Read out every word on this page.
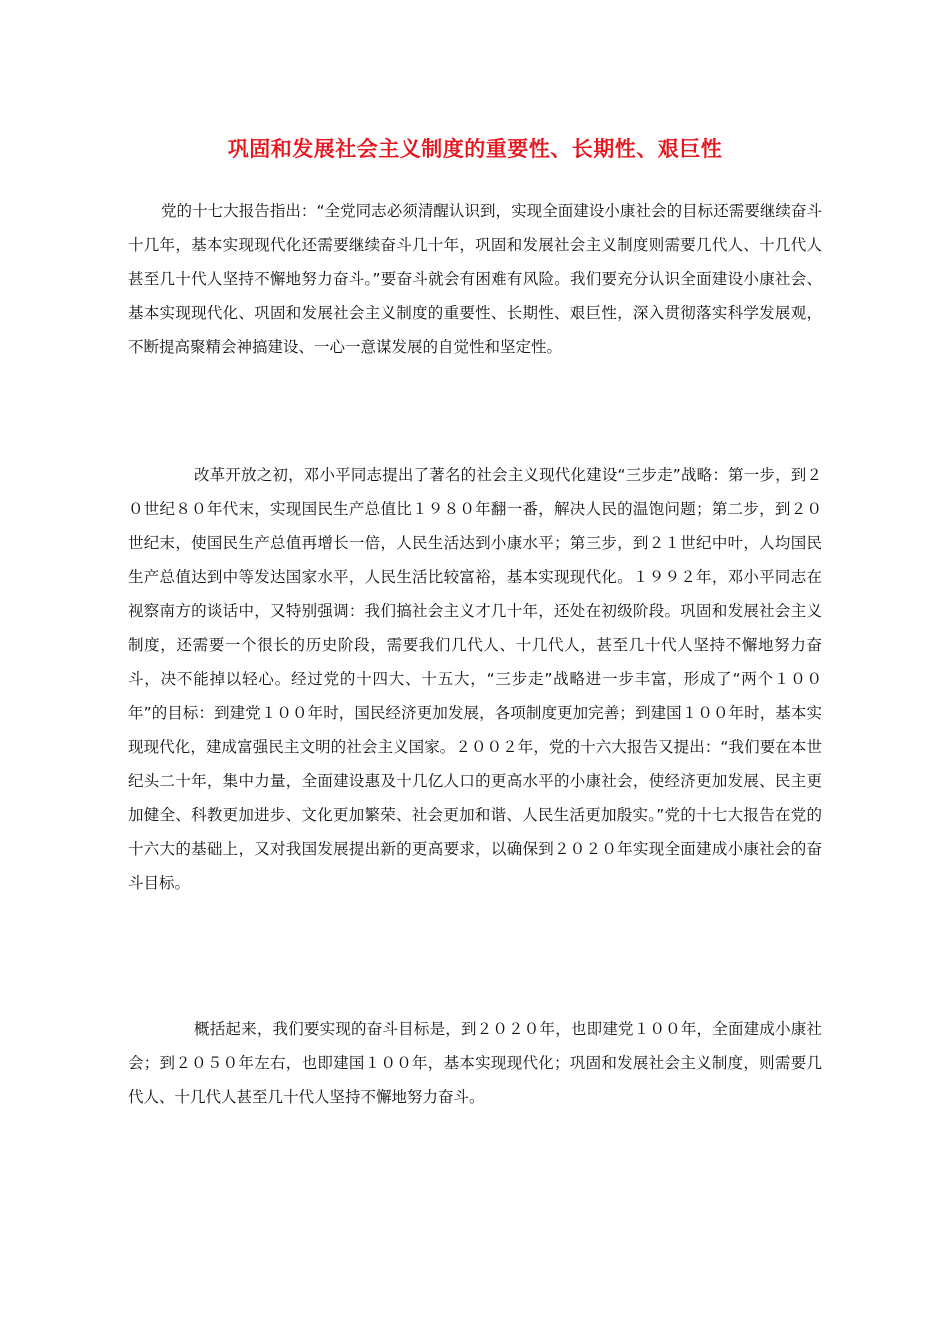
巩固和发展社会主义制度的重要性、长期性、艰巨性

党的十七大报告指出：“全党同志必须清醒认识到，实现全面建设小康社会的目标还需要继续奋斗十几年，基本实现现代化还需要继续奋斗几十年，巩固和发展社会主义制度则需要几代人、十几代人甚至几十代人坚持不懈地努力奋斗。”要奋斗就会有困难有风险。我们要充分认识全面建设小康社会、基本实现现代化、巩固和发展社会主义制度的重要性、长期性、艰巨性，深入贯彻落实科学发展观，不断提高聚精会神搞建设、一心一意谋发展的自觉性和坚定性。

改革开放之初，邓小平同志提出了著名的社会主义现代化建设“三步走”战略：第一步，到２０世纪８０年代末，实现国民生产总值比１９８０年翻一番，解决人民的温饱问题；第二步，到２０世纪末，使国民生产总值再增长一倍，人民生活达到小康水平；第三步，到２１世纪中叶，人均国民生产总值达到中等发达国家水平，人民生活比较富裕，基本实现现代化。１９９２年，邓小平同志在视察南方的谈话中，又特别强调：我们搞社会主义才几十年，还处在初级阶段。巩固和发展社会主义制度，还需要一个很长的历史阶段，需要我们几代人、十几代人，甚至几十代人坚持不懈地努力奋斗，决不能掉以轻心。经过党的十四大、十五大，“三步走”战略进一步丰富，形成了“两个１００年”的目标：到建党１００年时，国民经济更加发展，各项制度更加完善；到建国１００年时，基本实现现代化，建成富强民主文明的社会主义国家。２００２年，党的十六大报告又提出：“我们要在本世纪头二十年，集中力量，全面建设惠及十几亿人口的更高水平的小康社会，使经济更加发展、民主更加健全、科教更加进步、文化更加繁荣、社会更加和谐、人民生活更加殷实。”党的十七大报告在党的十六大的基础上，又对我国发展提出新的更高要求，以确保到２０２０年实现全面建成小康社会的奋斗目标。

概括起来，我们要实现的奋斗目标是，到２０２０年，也即建党１００年，全面建成小康社会；到２０５０年左右，也即建国１００年，基本实现现代化；巩固和发展社会主义制度，则需要几代人、十几代人甚至几十代人坚持不懈地努力奋斗。
